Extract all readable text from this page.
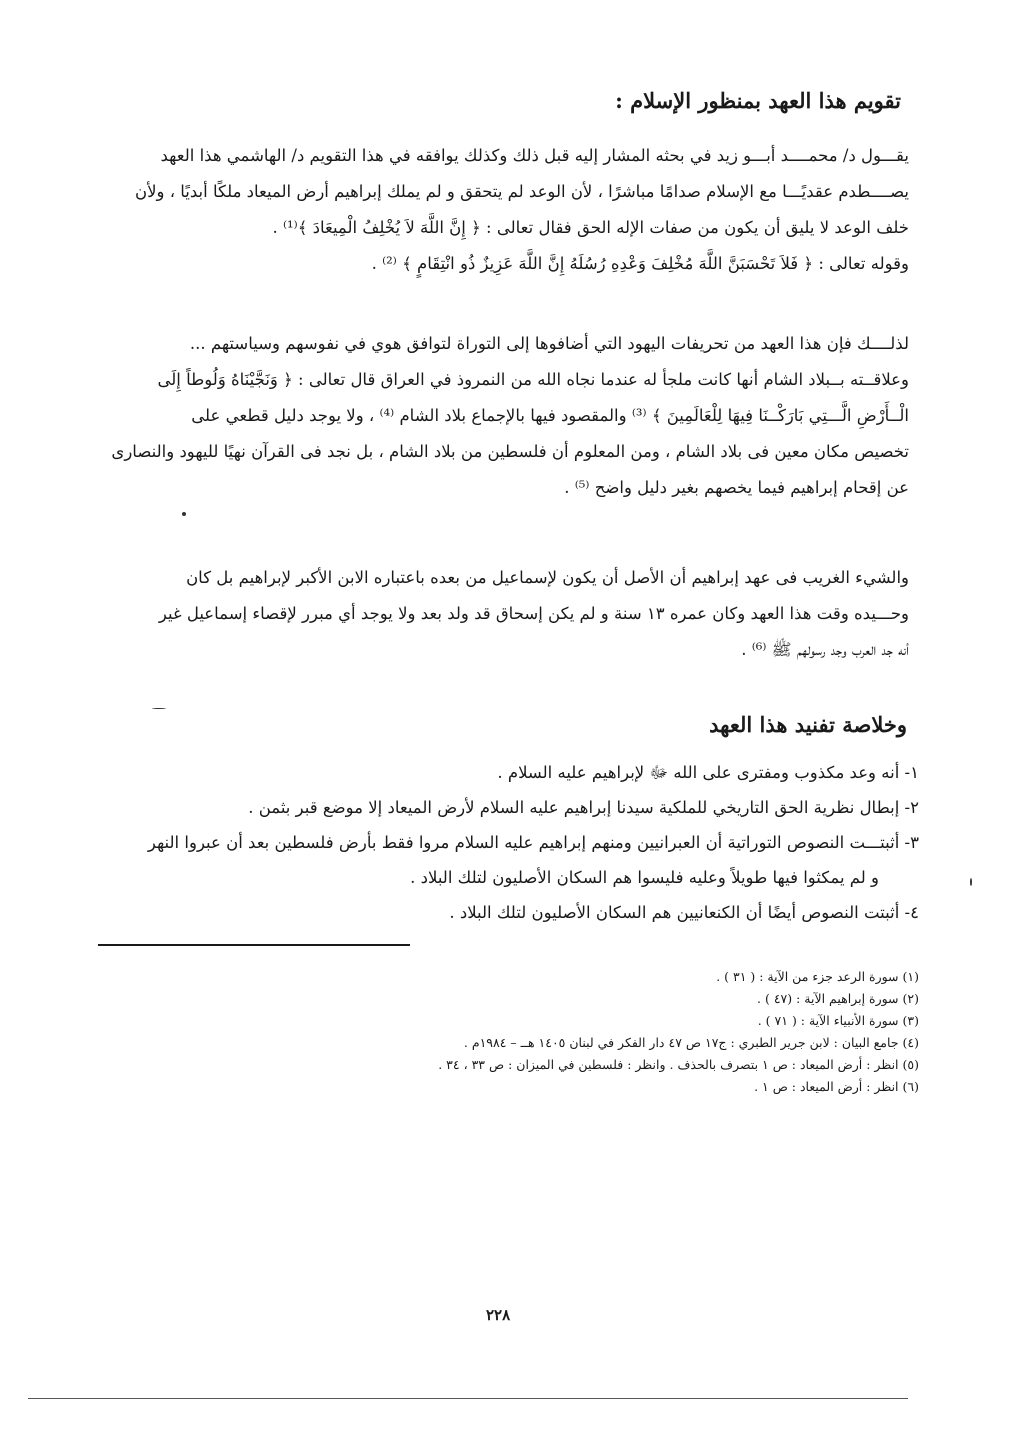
تقويم هذا العهد بمنظور الإسلام :

يقـــول د/ محمــــد أبـــو زيد في بحثه المشار إليه قبل ذلك وكذلك يوافقه في هذا التقويم د/ الهاشمي هذا العهد

يصــــطدم عقديًـــا مع الإسلام صدامًا مباشرًا ، لأن الوعد لم يتحقق و لم يملك إبراهيم أرض الميعاد ملكًا أبديًا ، ولأن

خلف الوعد لا يليق أن يكون من صفات الإله الحق فقال تعالى : ﴿ إِنَّ اللَّهَ لاَ يُخْلِفُ الْمِيعَادَ ﴾⁽¹⁾ .

وقوله تعالى : ﴿ فَلاَ تَحْسَبَنَّ اللَّهَ مُخْلِفَ وَعْدِهِ رُسُلَهُ إِنَّ اللَّهَ عَزِيزٌ ذُو انْتِقَامٍ ﴾ ⁽²⁾ .

لذلــــك فإن هذا العهد من تحريفات اليهود التي أضافوها إلى التوراة لتوافق هوي في نفوسهم وسياستهم ...

وعلاقــته بــبلاد الشام أنها كانت ملجأ له عندما نجاه الله من النمروذ في العراق قال تعالى : ﴿ وَنَجَّيْنَاهُ وَلُوطاً إِلَى

الْــأَرْضِ الَّـــتِي بَارَكْــنَا فِيهَا لِلْعَالَمِينَ ﴾ ⁽³⁾ والمقصود فيها بالإجماع بلاد الشام ⁽⁴⁾ ، ولا يوجد دليل قطعي على

تخصيص مكان معين فى بلاد الشام ، ومن المعلوم أن فلسطين من بلاد الشام ، بل نجد فى القرآن نهيًا لليهود والنصارى

عن إقحام إبراهيم فيما يخصهم بغير دليل واضح ⁽⁵⁾ .

والشيء الغريب فى عهد إبراهيم أن الأصل أن يكون لإسماعيل من بعده باعتباره الابن الأكبر لإبراهيم بل كان

وحـــيده وقت هذا العهد وكان عمره ١٣ سنة و لم يكن إسحاق قد ولد بعد ولا يوجد أي مبرر لإقصاء إسماعيل غير

أنه جد العرب وجد رسولهم ﷺ ⁽⁶⁾ .

وخلاصة تفنيد هذا العهد

١- أنه وعد مكذوب ومفترى على الله ﷻ لإبراهيم عليه السلام .

٢- إبطال نظرية الحق التاريخي للملكية سيدنا إبراهيم عليه السلام لأرض الميعاد إلا موضع قبر بثمن .

٣- أثبتـــت النصوص التوراتية أن العبرانيين ومنهم إبراهيم عليه السلام مروا فقط بأرض فلسطين بعد أن عبروا النهر

و لم يمكثوا فيها طويلاً وعليه فليسوا هم السكان الأصليون لتلك البلاد .

٤- أثبتت النصوص أيضًا أن الكنعانيين هم السكان الأصليون لتلك البلاد .

(١) سورة الرعد جزء من الآية : ( ٣١ ) .

(٢) سورة إبراهيم الآية : (٤٧ ) .

(٣) سورة الأنبياء الآية : ( ٧١ ) .

(٤) جامع البيان : لابن جرير الطبري : ج١٧ ص ٤٧ دار الفكر في لبنان ١٤٠٥ هــ – ١٩٨٤م .

(٥) انظر : أرض الميعاد : ص ١ بتصرف بالحذف . وانظر : فلسطين في الميزان : ص ٣٣ ، ٣٤ .

(٦) انظر : أرض الميعاد : ص ١ .

٢٢٨
